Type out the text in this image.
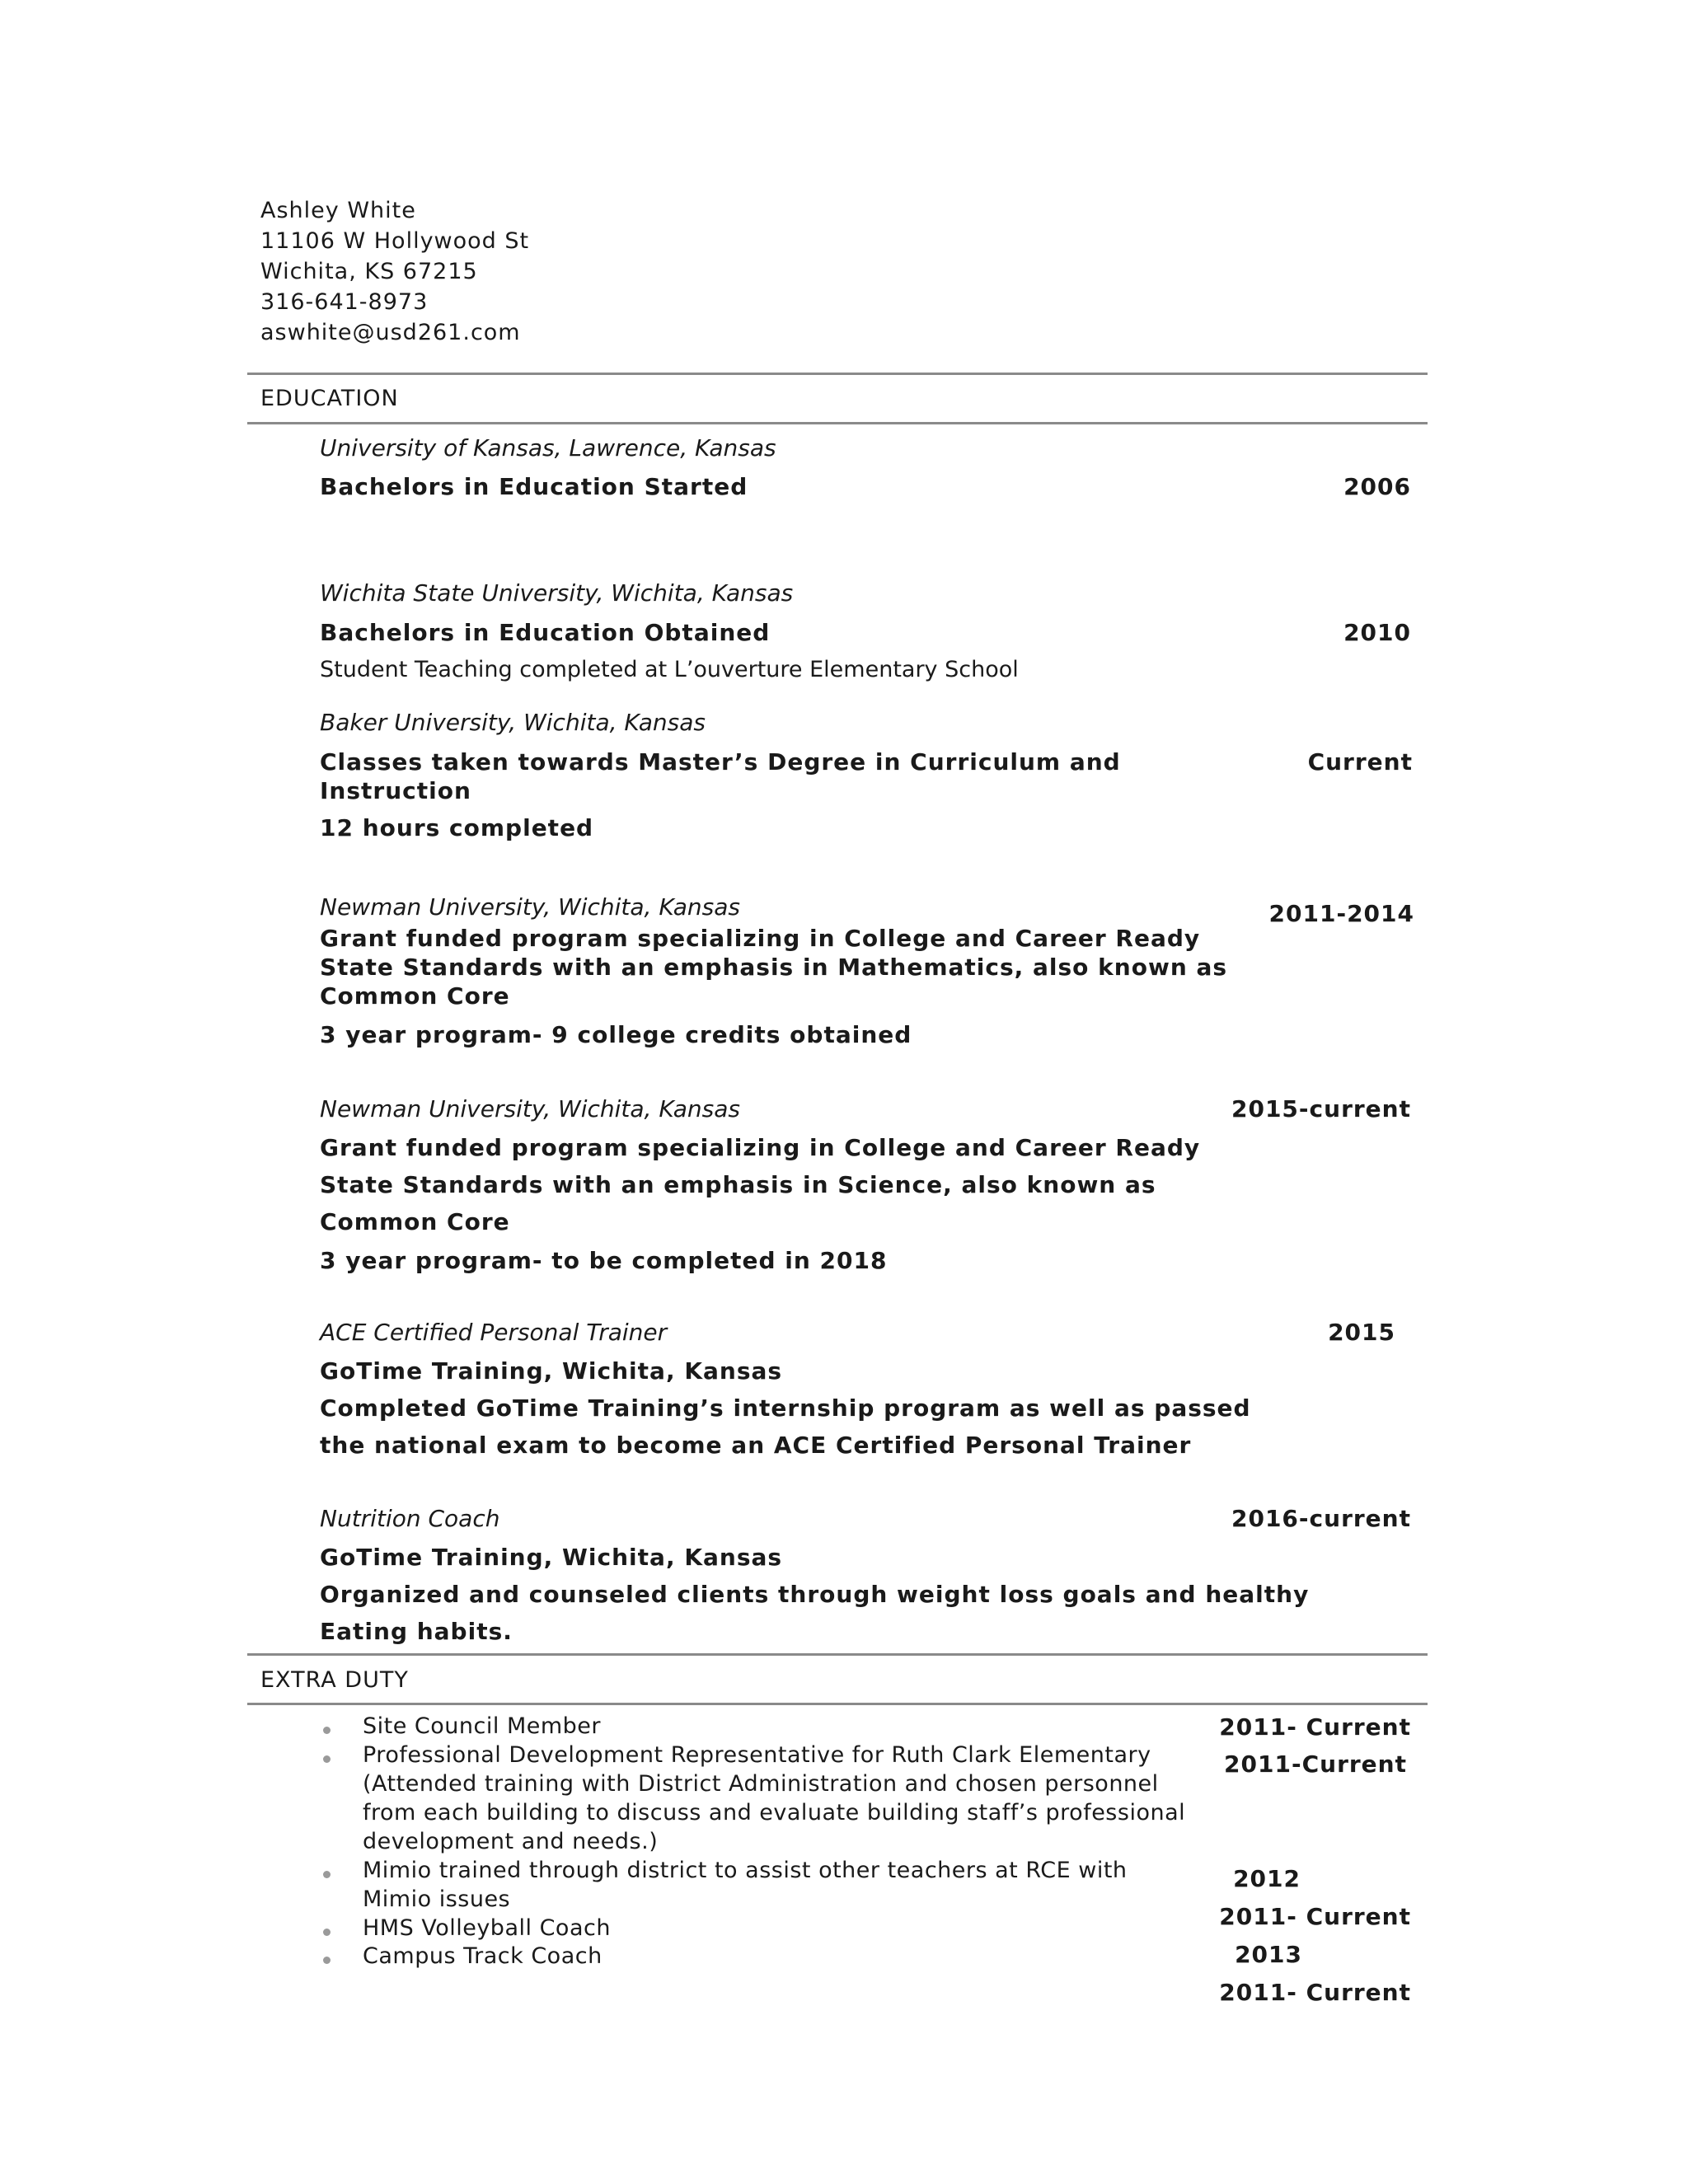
Ashley White
11106 W Hollywood St
Wichita, KS 67215
316-641-8973
aswhite@usd261.com
EDUCATION
University of Kansas, Lawrence, Kansas
Bachelors in Education Started	2006
Wichita State University, Wichita, Kansas
Bachelors in Education Obtained
Student Teaching completed at L’ouverture Elementary School
2010
Baker University, Wichita, Kansas
Classes taken towards Master’s Degree in Curriculum and
Instruction
12 hours completed
Current
Newman University, Wichita, Kansas
Grant funded program specializing in College and Career Ready
State Standards with an emphasis in Mathematics, also known as
Common Core
3 year program- 9 college credits obtained
2011-2014
Newman University, Wichita, Kansas
Grant funded program specializing in College and Career Ready
State Standards with an emphasis in Science, also known as
Common Core
3 year program- to be completed in 2018
2015-current
ACE Certified Personal Trainer
GoTime Training, Wichita, Kansas
Completed GoTime Training’s internship program as well as passed
the national exam to become an ACE Certified Personal Trainer
2015
Nutrition Coach
GoTime Training, Wichita, Kansas
Organized and counseled clients through weight loss goals and healthy
Eating habits.
2016-current
EXTRA DUTY
Site Council Member
Professional Development Representative for Ruth Clark Elementary
(Attended training with District Administration and chosen personnel
from each building to discuss and evaluate building staff’s professional
development and needs.)
Mimio trained through district to assist other teachers at RCE with
Mimio issues
HMS Volleyball Coach
Campus Track Coach
2011- Current
2011-Current
2012
2011- Current
2013
2011- Current
